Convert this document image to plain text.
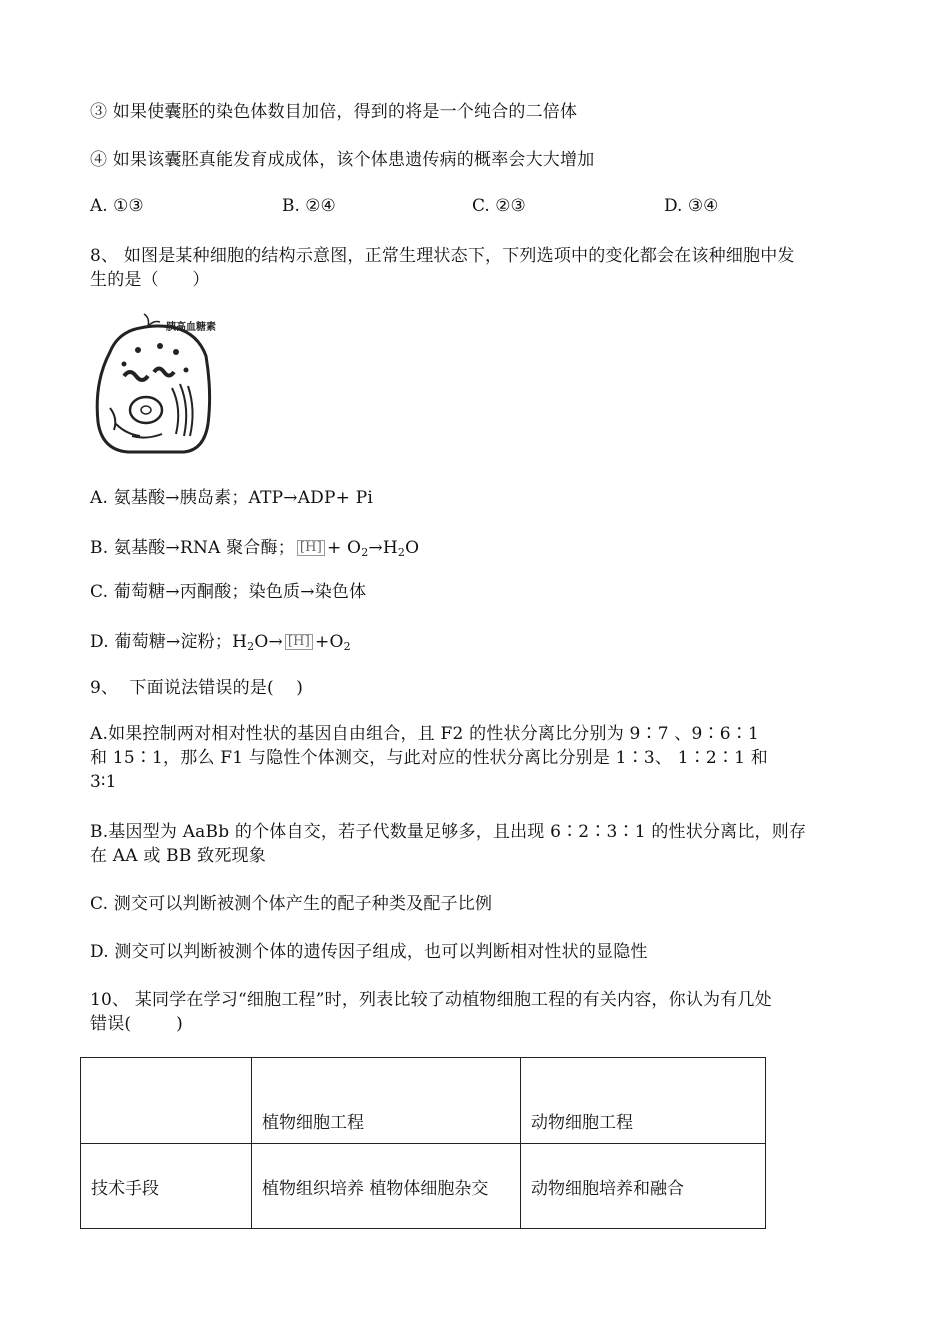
③ 如果使囊胚的染色体数目加倍，得到的将是一个纯合的二倍体
④ 如果该囊胚真能发育成成体，该个体患遗传病的概率会大大增加
A. ①③	B. ②④	C. ②③	D. ③④
8、 如图是某种细胞的结构示意图，正常生理状态下，下列选项中的变化都会在该种细胞中发
生的是（      ）
胰高血糖素
A. 氨基酸→胰岛素；ATP→ADP+ Pi
B. 氨基酸→RNA 聚合酶； $[H] + O_2\to H_2O$
C. 葡萄糖→丙酮酸；染色质→染色体
D. 葡萄糖→淀粉；$H_2O\to [H] +O_2$
9、  下面说法错误的是(    )
A.如果控制两对相对性状的基因自由组合，且 F2 的性状分离比分别为 9∶7 、9∶6∶1
和 15∶1，那么 F1 与隐性个体测交，与此对应的性状分离比分别是 1∶3、 1∶2∶1 和
3∶1
B.基因型为 AaBb 的个体自交，若子代数量足够多，且出现 6∶2∶3∶1 的性状分离比，则存
在 AA 或 BB 致死现象
C. 测交可以判断被测个体产生的配子种类及配子比例
D. 测交可以判断被测个体的遗传因子组成，也可以判断相对性状的显隐性
10、 某同学在学习“细胞工程”时，列表比较了动植物细胞工程的有关内容，你认为有几处
错误(        )
	植物细胞工程	动物细胞工程
技术手段	植物组织培养 植物体细胞杂交	动物细胞培养和融合
